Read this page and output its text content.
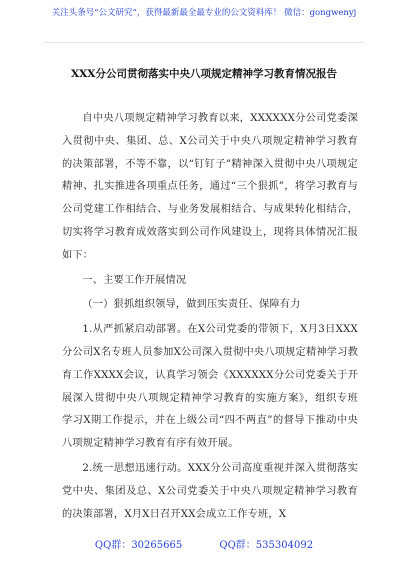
关注头条号“公文研究”，获得最新最全最专业的公文资料库！ 微信：gongwenyj
XXX分公司贯彻落实中央八项规定精神学习教育情况报告

自中央八项规定精神学习教育以来，XXXXXX分公司党委深入贯彻中央、集团、总、X公司关于中央八项规定精神学习教育的决策部署，不等不靠，以“钉钉子”精神深入贯彻中央八项规定精神、扎实推进各项重点任务，通过“三个狠抓”，将学习教育与公司党建工作相结合、与业务发展相结合、与成果转化相结合，切实将学习教育成效落实到公司作风建设上，现将具体情况汇报如下：

一、主要工作开展情况

（一）狠抓组织领导，做到压实责任、保障有力

1.从严抓紧启动部署。在X公司党委的带领下，X月3日XXX分公司X名专班人员参加X公司深入贯彻中央八项规定精神学习教育工作XXXX会议，认真学习领会《XXXXXX分公司党委关于开展深入贯彻中央八项规定精神学习教育的实施方案》，组织专班学习X期工作提示，并在上级公司“四不两直”的督导下推动中央八项规定精神学习教育有序有效开展。

2.统一思想迅速行动。XXX分公司高度重视并深入贯彻落实党中央、集团及总、X公司党委关于中央八项规定精神学习教育的决策部署，X月X日召开XX会成立工作专班，X

QQ群：30265665	QQ群：535304092
